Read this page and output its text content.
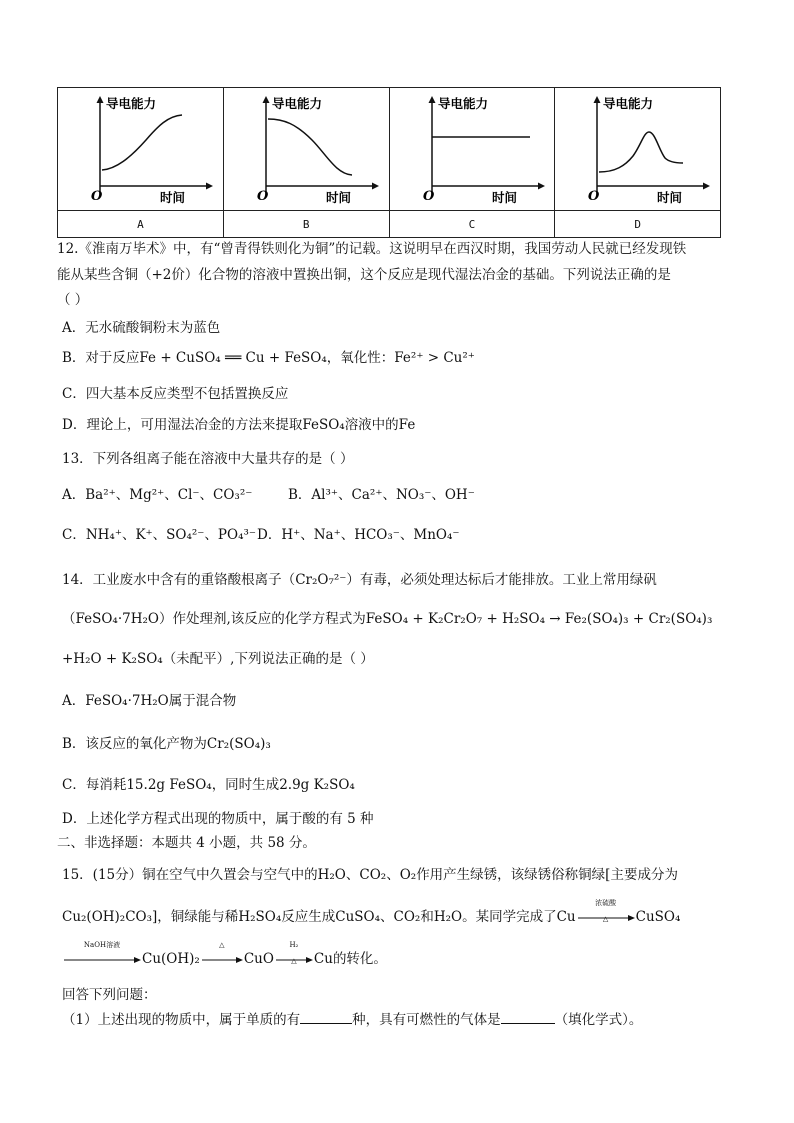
导电能力
O 时间	导电能力
O 时间	导电能力
O 时间	导电能力
O 时间

A	B	C	D
12.《淮南万毕术》中，有“曾青得铁则化为铜”的记载。这说明早在西汉时期，我国劳动人民就已经发现铁
能从某些含铜（+2价）化合物的溶液中置换出铜，这个反应是现代湿法冶金的基础。下列说法正确的是
（ ）
A．无水硫酸铜粉末为蓝色
B．对于反应Fe + CuSO₄ ══ Cu + FeSO₄，氧化性：Fe²⁺ > Cu²⁺
C．四大基本反应类型不包括置换反应
D．理论上，可用湿法冶金的方法来提取FeSO₄溶液中的Fe
13．下列各组离子能在溶液中大量共存的是（ ）
A．Ba²⁺、Mg²⁺、Cl⁻、CO₃²⁻	B．Al³⁺、Ca²⁺、NO₃⁻、OH⁻
C．NH₄⁺、K⁺、SO₄²⁻、PO₄³⁻ D．H⁺、Na⁺、HCO₃⁻、MnO₄⁻
14．工业废水中含有的重铬酸根离子（Cr₂O₇²⁻）有毒，必须处理达标后才能排放。工业上常用绿矾
（FeSO₄·7H₂O）作处理剂,该反应的化学方程式为FeSO₄ + K₂Cr₂O₇ + H₂SO₄ → Fe₂(SO₄)₃ + Cr₂(SO₄)₃
+H₂O + K₂SO₄（未配平）,下列说法正确的是（ ）
A．FeSO₄·7H₂O属于混合物
B．该反应的氧化产物为Cr₂(SO₄)₃
C．每消耗15.2g FeSO₄，同时生成2.9g K₂SO₄
D．上述化学方程式出现的物质中，属于酸的有 5 种
二、非选择题：本题共 4 小题，共 58 分。
15．(15分）铜在空气中久置会与空气中的H₂O、CO₂、O₂作用产生绿锈，该绿锈俗称铜绿[主要成分为
Cu₂(OH)₂CO₃]，铜绿能与稀H₂SO₄反应生成CuSO₄、CO₂和H₂O。某同学完成了Cu
浓硫酸
△	CuSO₄
NaOH溶液
Cu(OH)₂
△
CuO
H₂
△	Cu的转化。
回答下列问题：
（1）上述出现的物质中，属于单质的有	种，具有可燃性的气体是	（填化学式）。
